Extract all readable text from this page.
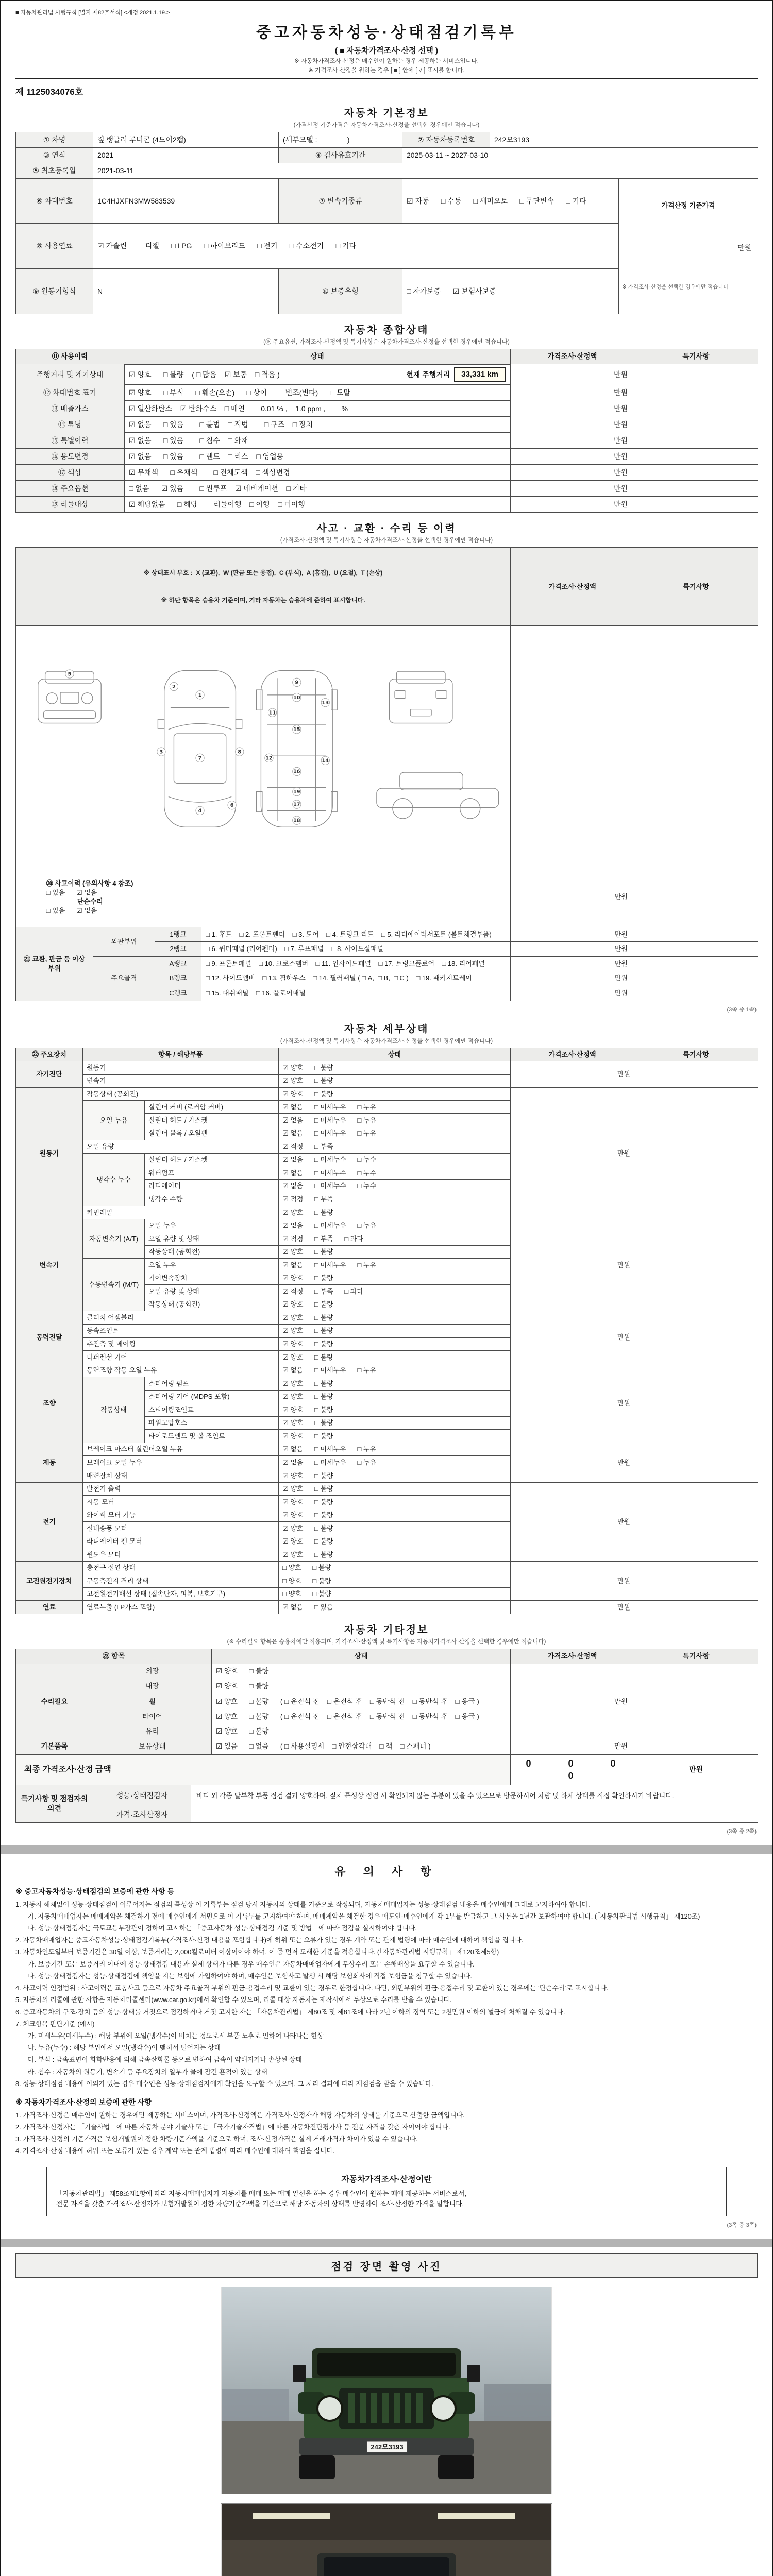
■ 자동차관리법 시행규칙 [별지 제82호서식] <개정 2021.1.19.>
중고자동차성능·상태점검기록부
( ■ 자동차가격조사·산정 선택 )
※ 자동차가격조사·산정은 매수인이 원하는 경우 제공하는 서비스입니다.
※ 가격조사·산정을 원하는 경우 [ ■ ] 안에 [ √ ] 표시를 합니다.
제 1125034076호
자동차 기본정보
(가격산정 기준가격은 자동차가격조사·산정을 선택한 경우에만 적습니다)
① 차명	짚 랭글러 루비콘 (4도어2캡)	(세부모델 :               )	② 자동차등록번호	242모3193	
③ 연식	2021	④ 검사유효기간	2025-03-11 ~ 2027-03-10		
⑤ 최초등록일	2021-03-11				
⑥ 차대번호	1C4HJXFN3MW583539	⑦ 변속기종류	☑ 자동      □ 수동      □ 세미오토      □ 무단변속      □ 기타		가격산정 기준가격

만원

※ 가격조사·산정을 선택한 경우에만 적습니다

⑧ 사용연료	☑ 가솔린      □ 디젤      □ LPG      □ 하이브리드      □ 전기      □ 수소전기      □ 기타				
⑨ 원동기형식	N	⑩ 보증유형	□ 자가보증      ☑ 보험사보증		
자동차 종합상태
(⑱ 주요옵션, 가격조사·산정액 및 특기사항은 자동차가격조사·산정을 선택한 경우에만 적습니다)
⑪ 사용이력	상태	가격조사·산정액	특기사항
주행거리 및 계기상태		☑ 양호      □ 불량 ( □ 많음    ☑ 보통    □ 적음 )	현재 주행거리	33,331 km	만원	
⑫ 차대번호 표기		☑ 양호      □ 부식      □ 훼손(오손)      □ 상이      □ 변조(변타)      □ 도말	만원	
⑬ 배출가스		☑ 일산화탄소    ☑ 탄화수소    □ 매연        0.01 % ,    1.0 ppm ,        %	만원	
⑭ 튜닝		☑ 없음      □ 있음        □ 불법    □ 적법        □ 구조    □ 장치	만원	
⑮ 특별이력		☑ 없음      □ 있음        □ 침수    □ 화재	만원	
⑯ 용도변경		☑ 없음      □ 있음        □ 렌트    □ 리스    □ 영업용	만원	
⑰ 색상		☑ 무채색      □ 유채색        □ 전체도색    □ 색상변경	만원	
⑱ 주요옵션		□ 없음      ☑ 있음        □ 썬루프    ☑ 네비게이션    □ 기타	만원	
⑲ 리콜대상		☑ 해당없음      □ 해당        리콜이행    □ 이행    □ 미이행	만원	
사고 · 교환 · 수리 등 이력
(가격조사·산정액 및 특기사항은 자동차가격조사·산정을 선택한 경우에만 적습니다)

※ 상태표시 부호 :  X (교환),  W (판금 또는 용접),  C (부식),  A (흠집),  U (요철),  T (손상)

※ 하단 항목은 승용차 기준이며, 기타 자동차는 승용차에 준하여 표시합니다.				가격조사·산정액	특기사항

1
2
3
4
5
6
7
8
9
10
11
12
13
14
15
16
17
18
19

⑳ 사고이력 (유의사항 4 참조)
□ 있음      ☑ 없음
단순수리
□ 있음      ☑ 없음				만원	
㉑ 교환, 판금 등 이상 부위	외판부위	1랭크	□ 1. 후드    □ 2. 프론트펜더    □ 3. 도어    □ 4. 트렁크 리드    □ 5. 라디에이터서포트 (볼트체결부품)	만원	
		2랭크	□ 6. 쿼터패널 (리어펜더)    □ 7. 루프패널    □ 8. 사이드실패널	만원	
	주요골격	A랭크	□ 9. 프론트패널    □ 10. 크로스멤버    □ 11. 인사이드패널    □ 17. 트렁크플로어    □ 18. 리어패널	만원	
		B랭크	□ 12. 사이드멤버    □ 13. 휠하우스    □ 14. 필러패널 ( □ A,  □ B,  □ C )    □ 19. 패키지트레이	만원	
		C랭크	□ 15. 대쉬패널    □ 16. 플로어패널	만원	
(3쪽 중 1쪽)
자동차 세부상태
(가격조사·산정액 및 특기사항은 자동차가격조사·산정을 선택한 경우에만 적습니다)
㉒ 주요장치	항목 / 해당부품		상태	가격조사·산정액	특기사항
자기진단	원동기		☑ 양호      □ 불량	만원	
	변속기		☑ 양호      □ 불량		
원동기	작동상태 (공회전)		☑ 양호      □ 불량	만원	
	오일 누유	실린더 커버 (로커암 커버)	☑ 없음      □ 미세누유      □ 누유		
		실린더 헤드 / 가스켓	☑ 없음      □ 미세누유      □ 누유		
		실린더 블록 / 오일팬	☑ 없음      □ 미세누유      □ 누유		
	오일 유량		☑ 적정      □ 부족		
	냉각수 누수	실린더 헤드 / 가스켓	☑ 없음      □ 미세누수      □ 누수		
		워터펌프	☑ 없음      □ 미세누수      □ 누수		
		라디에이터	☑ 없음      □ 미세누수      □ 누수		
		냉각수 수량	☑ 적정      □ 부족		
	커먼레일		☑ 양호      □ 불량		
변속기	자동변속기 (A/T)	오일 누유	☑ 없음      □ 미세누유      □ 누유	만원	
		오일 유량 및 상태	☑ 적정      □ 부족      □ 과다		
		작동상태 (공회전)	☑ 양호      □ 불량		
	수동변속기 (M/T)	오일 누유	☑ 없음      □ 미세누유      □ 누유		
		기어변속장치	☑ 양호      □ 불량		
		오일 유량 및 상태	☑ 적정      □ 부족      □ 과다		
		작동상태 (공회전)	☑ 양호      □ 불량		
동력전달	클러치 어셈블리		☑ 양호      □ 불량	만원	
	등속조인트		☑ 양호      □ 불량		
	추진축 및 베어링		☑ 양호      □ 불량		
	디퍼렌셜 기어		☑ 양호      □ 불량		
조향	동력조향 작동 오일 누유		☑ 없음      □ 미세누유      □ 누유	만원	
	작동상태	스티어링 펌프	☑ 양호      □ 불량		
		스티어링 기어 (MDPS 포함)	☑ 양호      □ 불량		
		스티어링조인트	☑ 양호      □ 불량		
		파워고압호스	☑ 양호      □ 불량		
		타이로드엔드 및 볼 조인트	☑ 양호      □ 불량		
제동	브레이크 마스터 실린더오일 누유		☑ 없음      □ 미세누유      □ 누유	만원	
	브레이크 오일 누유		☑ 없음      □ 미세누유      □ 누유		
	배력장치 상태		☑ 양호      □ 불량		
전기	발전기 출력		☑ 양호      □ 불량	만원	
	시동 모터		☑ 양호      □ 불량		
	와이퍼 모터 기능		☑ 양호      □ 불량		
	실내송풍 모터		☑ 양호      □ 불량		
	라디에이터 팬 모터		☑ 양호      □ 불량		
	윈도우 모터		☑ 양호      □ 불량		
고전원전기장치	충전구 절연 상태		□ 양호      □ 불량	만원	
	구동축전지 격리 상태		□ 양호      □ 불량		
	고전원전기배선 상태 (접속단자, 피복, 보호기구)		□ 양호      □ 불량		
연료	연료누출 (LP가스 포함)		☑ 없음      □ 있음	만원	
자동차 기타정보
(※ 수리필요 항목은 승용차에만 적용되며, 가격조사·산정액 및 특기사항은 자동차가격조사·산정을 선택한 경우에만 적습니다)
㉓ 항목		상태	가격조사·산정액	특기사항
수리필요	외장	☑ 양호      □ 불량	만원	
	내장	☑ 양호      □ 불량		
	휠	☑ 양호      □ 불량      ( □ 운전석 전    □ 운전석 후    □ 동반석 전    □ 동반석 후    □ 응급 )		
	타이어	☑ 양호      □ 불량      ( □ 운전석 전    □ 운전석 후    □ 동반석 전    □ 동반석 후    □ 응급 )		
	유리	☑ 양호      □ 불량		
기본품목	보유상태	☑ 있음      □ 없음      ( □ 사용설명서    □ 안전삼각대    □ 잭    □ 스패너 )	만원	
최종 가격조사·산정 금액	0      0      0      0	만원
특기사항 및 점검자의 의견	성능·상태점검자	바디 외 각종 탈부착 부품 점검 결과 양호하며, 짚차 특성상 점검 시 확인되지 않는 부분이 있을 수 있으므로 방문하시어 차량 및 하체 상태를 직접 확인하시기 바랍니다.
	가격·조사산정자	
(3쪽 중 2쪽)
유 의 사 항
※ 중고자동차성능·상태점검의 보증에 관한 사항 등
1. 자동차 해체없이 성능·상태점검이 이루어지는 점검의 특성상 이 기록부는 점검 당시 자동차의 상태를 기준으로 작성되며, 자동차매매업자는 성능·상태점검 내용을 매수인에게 그대로 고지하여야 합니다.
가. 자동차매매업자는 매매계약을 체결하기 전에 매수인에게 서면으로 이 기록부를 고지하여야 하며, 매매계약을 체결한 경우 매도인·매수인에게 각 1부를 발급하고 그 사본을 1년간 보관하여야 합니다. (「자동차관리법 시행규칙」 제120조)
나. 성능·상태점검자는 국토교통부장관이 정하여 고시하는 「중고자동차 성능·상태점검 기준 및 방법」에 따라 점검을 실시하여야 합니다.
2. 자동차매매업자는 중고자동차성능·상태점검기록부(가격조사·산정 내용을 포함합니다)에 허위 또는 오류가 있는 경우 계약 또는 관계 법령에 따라 매수인에 대하여 책임을 집니다.
3. 자동차인도일부터 보증기간은 30일 이상, 보증거리는 2,000킬로미터 이상이어야 하며, 이 중 먼저 도래한 기준을 적용합니다. (「자동차관리법 시행규칙」 제120조제5항)
가. 보증기간 또는 보증거리 이내에 성능·상태점검 내용과 실제 상태가 다른 경우 매수인은 자동차매매업자에게 무상수리 또는 손해배상을 요구할 수 있습니다.
나. 성능·상태점검자는 성능·상태점검에 책임을 지는 보험에 가입하여야 하며, 매수인은 보험사고 발생 시 해당 보험회사에 직접 보험금을 청구할 수 있습니다.
4. 사고이력 인정범위 : 사고이력은 교통사고 등으로 자동차 주요골격 부위의 판금·용접수리 및 교환이 있는 경우로 한정합니다. 다만, 외판부위의 판금·용접수리 및 교환이 있는 경우에는 ‘단순수리’로 표시합니다.
5. 자동차의 리콜에 관한 사항은 자동차리콜센터(www.car.go.kr)에서 확인할 수 있으며, 리콜 대상 자동차는 제작사에서 무상으로 수리를 받을 수 있습니다.
6. 중고자동차의 구조·장치 등의 성능·상태를 거짓으로 점검하거나 거짓 고지한 자는 「자동차관리법」 제80조 및 제81조에 따라 2년 이하의 징역 또는 2천만원 이하의 벌금에 처해질 수 있습니다.
7. 체크항목 판단기준 (예시)
가. 미세누유(미세누수) : 해당 부위에 오일(냉각수)이 비치는 정도로서 부품 노후로 인하여 나타나는 현상
나. 누유(누수) : 해당 부위에서 오일(냉각수)이 맺혀서 떨어지는 상태
다. 부식 : 금속표면이 화학반응에 의해 금속산화물 등으로 변하여 금속이 약해지거나 손상된 상태
라. 침수 : 자동차의 원동기, 변속기 등 주요장치의 일부가 물에 잠긴 흔적이 있는 상태
8. 성능·상태점검 내용에 이의가 있는 경우 매수인은 성능·상태점검자에게 확인을 요구할 수 있으며, 그 처리 결과에 따라 재점검을 받을 수 있습니다.
※ 자동차가격조사·산정의 보증에 관한 사항
1. 가격조사·산정은 매수인이 원하는 경우에만 제공하는 서비스이며, 가격조사·산정액은 가격조사·산정자가 해당 자동차의 상태를 기준으로 산출한 금액입니다.
2. 가격조사·산정자는 「기술사법」에 따른 자동차 분야 기술사 또는 「국가기술자격법」에 따른 자동차진단평가사 등 전문 자격을 갖춘 자이어야 합니다.
3. 가격조사·산정의 기준가격은 보험개발원이 정한 차량기준가액을 기준으로 하며, 조사·산정가격은 실제 거래가격과 차이가 있을 수 있습니다.
4. 가격조사·산정 내용에 허위 또는 오류가 있는 경우 계약 또는 관계 법령에 따라 매수인에 대하여 책임을 집니다.
자동차가격조사·산정이란
「자동차관리법」 제58조제1항에 따라 자동차매매업자가 자동차를 매매 또는 매매 알선을 하는 경우 매수인이 원하는 때에 제공하는 서비스로서,
전문 자격을 갖춘 가격조사·산정자가 보험개발원이 정한 차량기준가액을 기준으로 해당 자동차의 상태를 반영하여 조사·산정한 가격을 말합니다.
(3쪽 중 3쪽)
점검 장면 촬영 사진
242모3193
